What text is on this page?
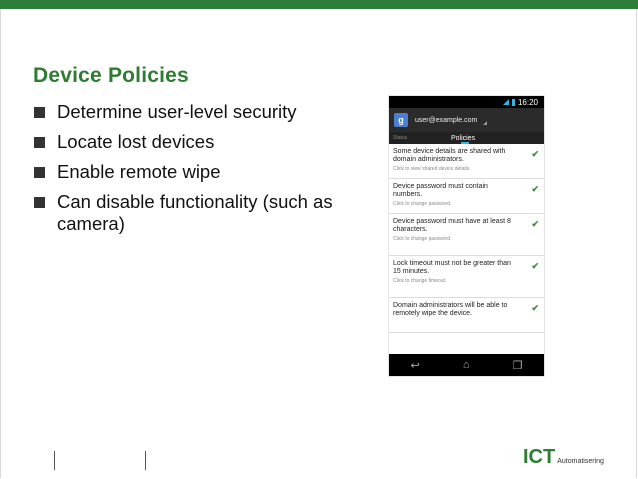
Device Policies
Determine user-level security
Locate lost devices
Enable remote wipe
Can disable functionality (such as camera)
16:20
g	user@example.com
Status	Policies
Some device details are shared with domain administrators.
Click to view shared device details.
✔
Device password must contain numbers.
Click to change password.
✔
Device password must have at least 8 characters.
Click to change password.
✔
Lock timeout must not be greater than 15 minutes.
Click to change timeout.
✔
Domain administrators will be able to remotely wipe the device.
✔
↩	⌂	❐
ICT Automatisering
